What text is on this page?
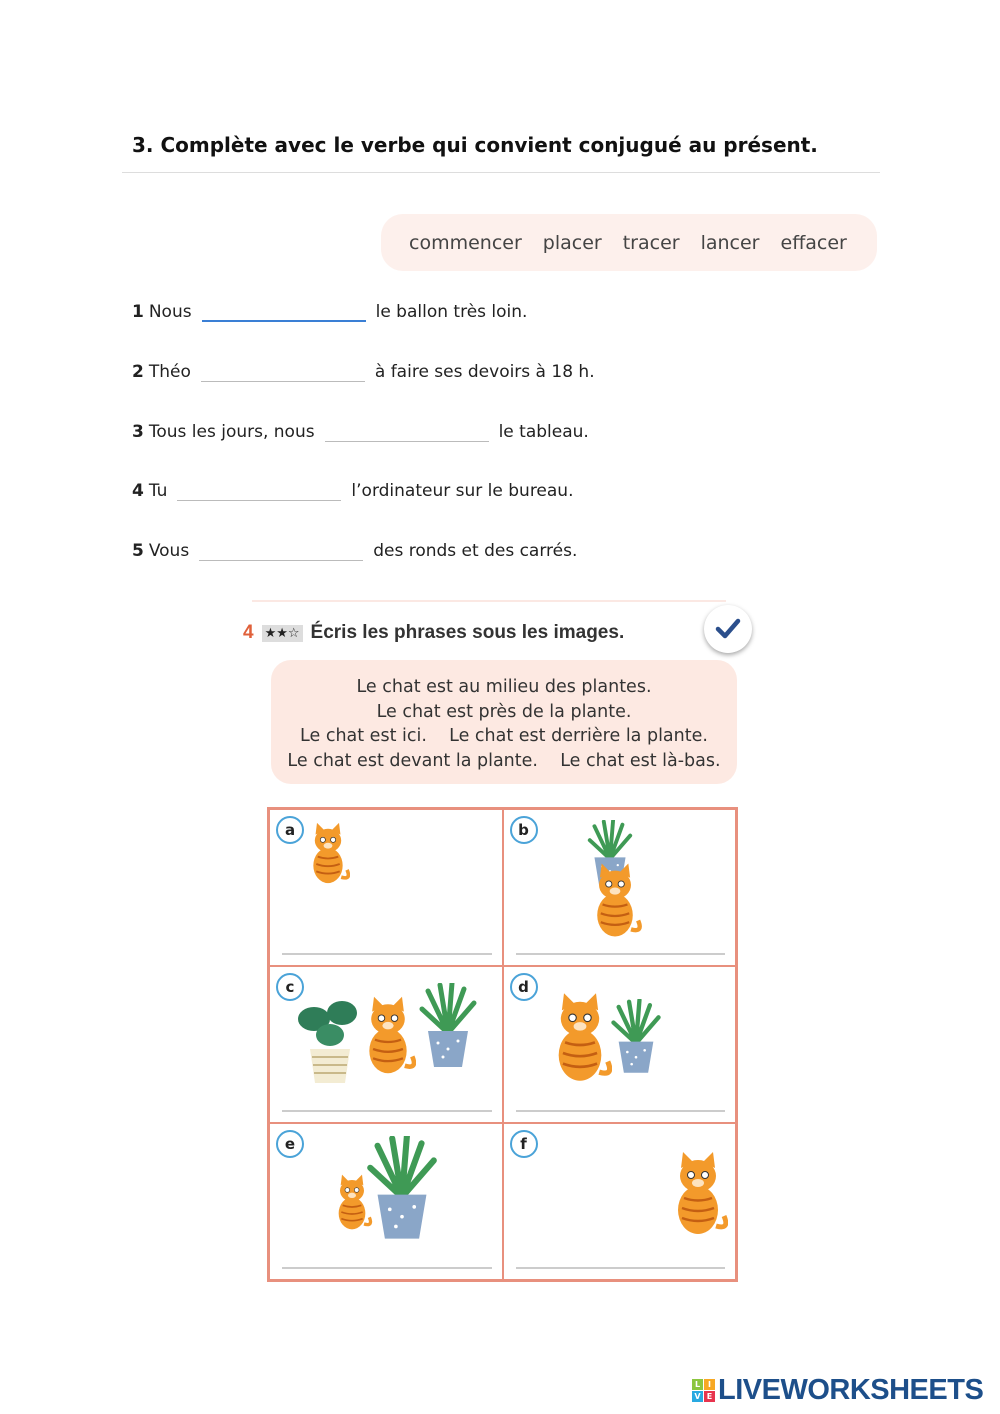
3. Complète avec le verbe qui convient conjugué au présent.
commencer placer tracer lancer effacer
1 Nous	le ballon très loin.
2 Théo	à faire ses devoirs à 18 h.
3 Tous les jours, nous	le tableau.
4 Tu	l’ordinateur sur le bureau.
5 Vous	des ronds et des carrés.
4 ★★☆ Écris les phrases sous les images.
Le chat est au milieu des plantes.
Le chat est près de la plante.
Le chat est ici.    Le chat est derrière la plante.
Le chat est devant la plante.    Le chat est là-bas.
a	b
c	d
e	f
L I
V E LIVEWORKSHEETS
